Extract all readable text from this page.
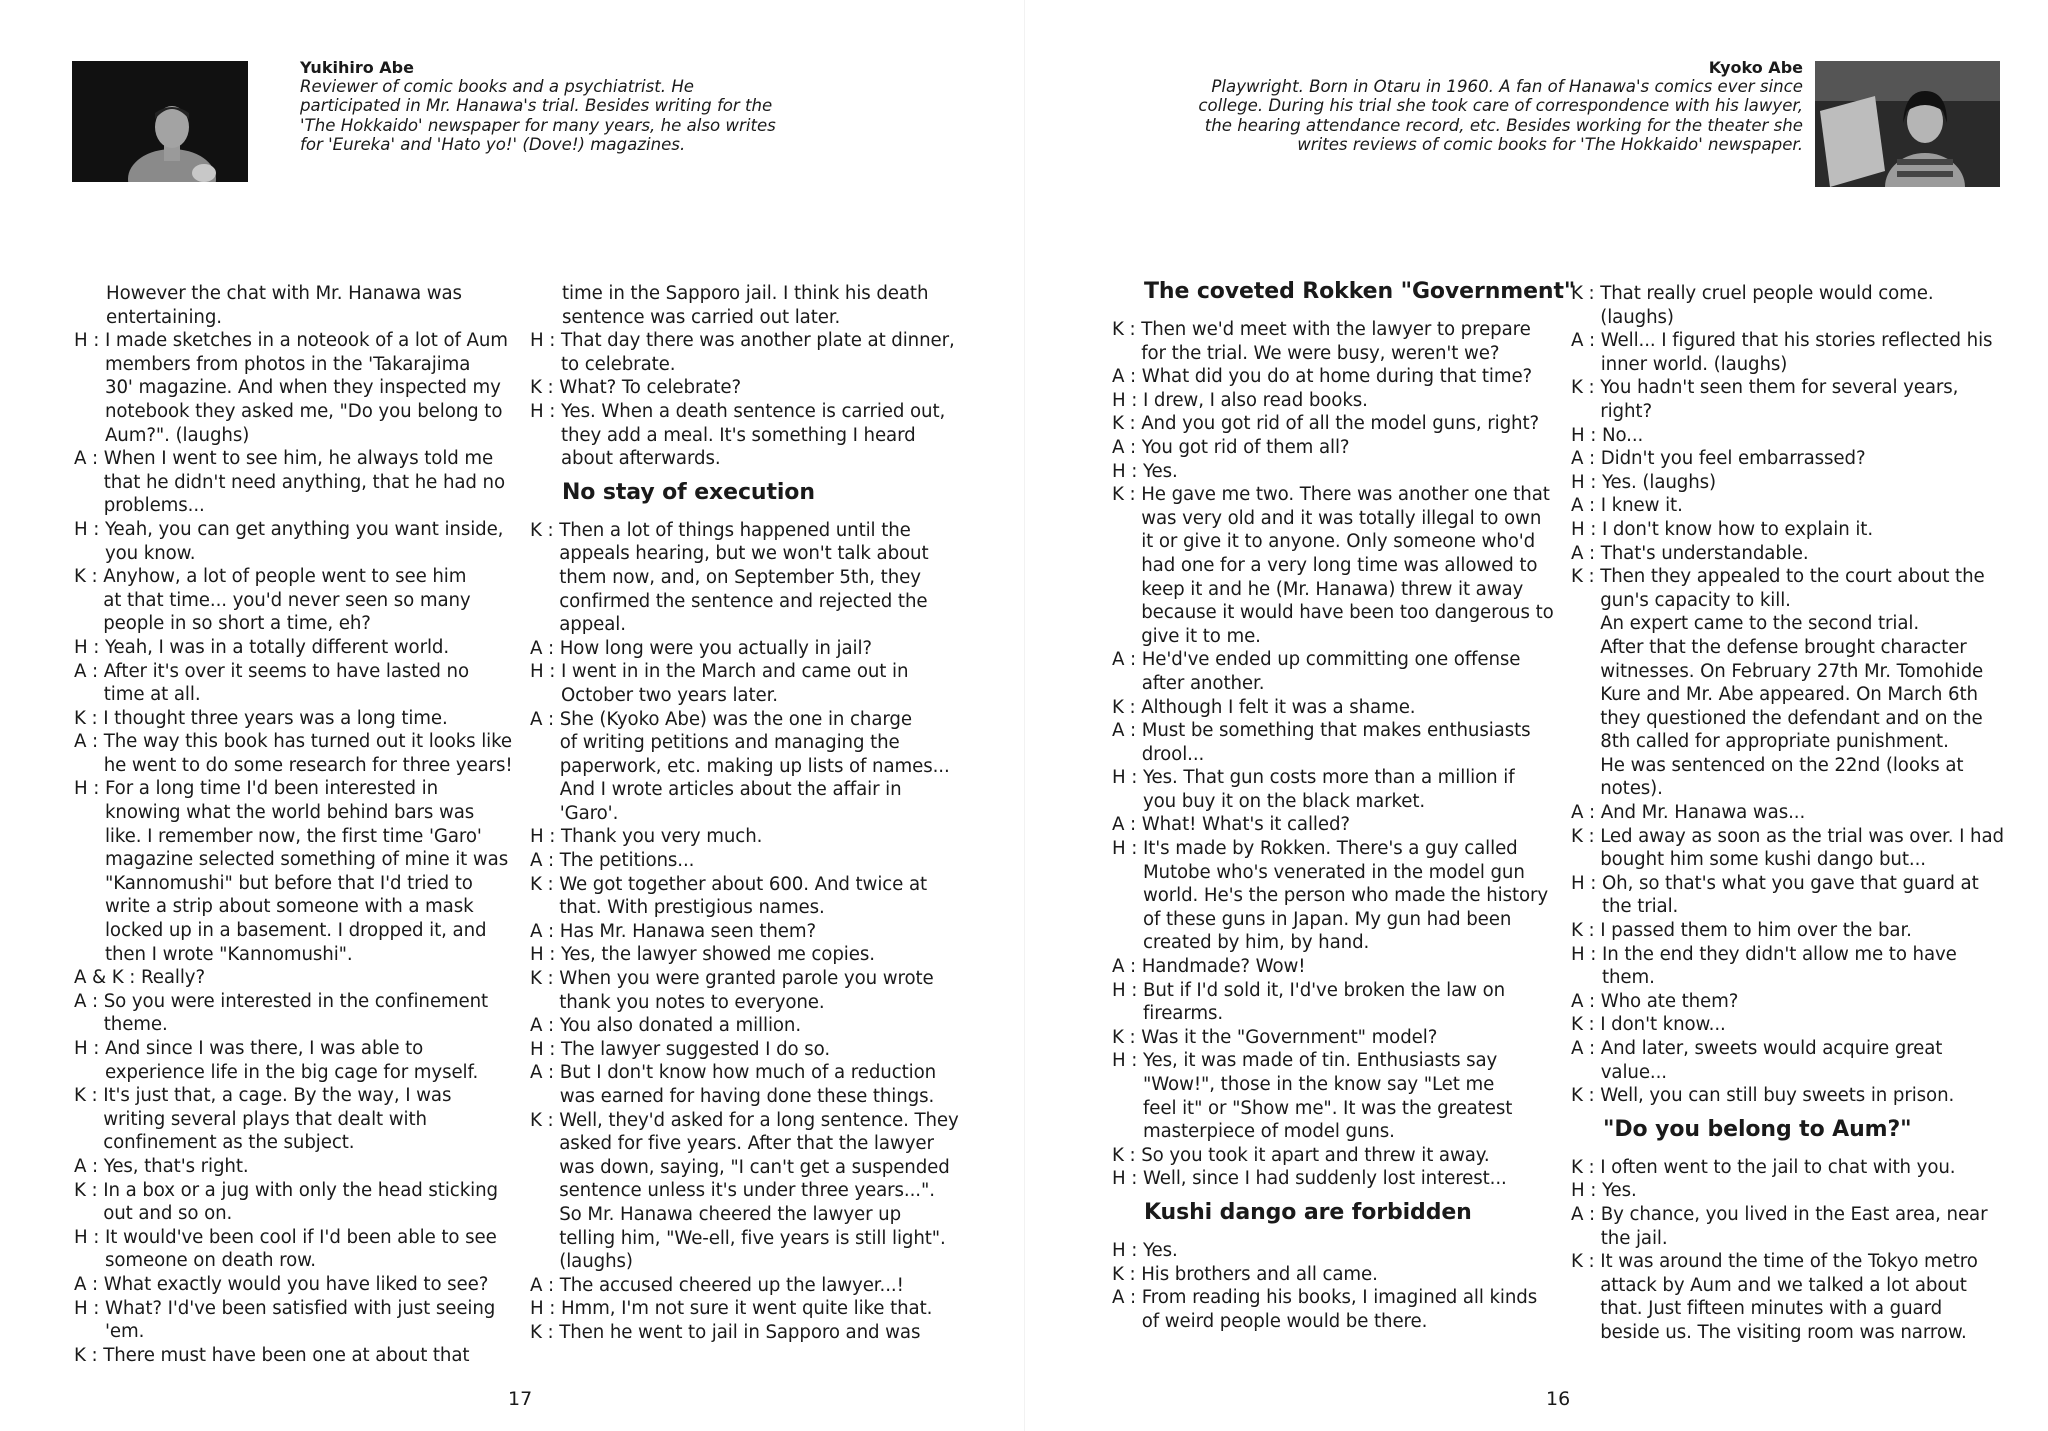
Yukihiro Abe
Reviewer of comic books and a psychiatrist. He
participated in Mr. Hanawa's trial. Besides writing for the
'The Hokkaido' newspaper for many years, he also writes
for 'Eureka' and 'Hato yo!' (Dove!) magazines.
Kyoko Abe
Playwright. Born in Otaru in 1960. A fan of Hanawa's comics ever since
college. During his trial she took care of correspondence with his lawyer,
the hearing attendance record, etc. Besides working for the theater she
writes reviews of comic books for 'The Hokkaido' newspaper.
However the chat with Mr. Hanawa was
entertaining.
H : I made sketches in a noteook of a lot of Aum
members from photos in the 'Takarajima
30' magazine. And when they inspected my
notebook they asked me, "Do you belong to
Aum?". (laughs)
A : When I went to see him, he always told me
that he didn't need anything, that he had no
problems...
H : Yeah, you can get anything you want inside,
you know.
K : Anyhow, a lot of people went to see him
at that time... you'd never seen so many
people in so short a time, eh?
H : Yeah, I was in a totally different world.
A : After it's over it seems to have lasted no
time at all.
K : I thought three years was a long time.
A : The way this book has turned out it looks like
he went to do some research for three years!
H : For a long time I'd been interested in
knowing what the world behind bars was
like. I remember now, the first time 'Garo'
magazine selected something of mine it was
"Kannomushi" but before that I'd tried to
write a strip about someone with a mask
locked up in a basement. I dropped it, and
then I wrote "Kannomushi".
A & K : Really?
A : So you were interested in the confinement
theme.
H : And since I was there, I was able to
experience life in the big cage for myself.
K : It's just that, a cage. By the way, I was
writing several plays that dealt with
confinement as the subject.
A : Yes, that's right.
K : In a box or a jug with only the head sticking
out and so on.
H : It would've been cool if I'd been able to see
someone on death row.
A : What exactly would you have liked to see?
H : What? I'd've been satisfied with just seeing
'em.
K : There must have been one at about that
time in the Sapporo jail. I think his death
sentence was carried out later.
H : That day there was another plate at dinner,
to celebrate.
K : What? To celebrate?
H : Yes. When a death sentence is carried out,
they add a meal. It's something I heard
about afterwards.
No stay of execution
K : Then a lot of things happened until the
appeals hearing, but we won't talk about
them now, and, on September 5th, they
confirmed the sentence and rejected the
appeal.
A : How long were you actually in jail?
H : I went in in the March and came out in
October two years later.
A : She (Kyoko Abe) was the one in charge
of writing petitions and managing the
paperwork, etc. making up lists of names...
And I wrote articles about the affair in
'Garo'.
H : Thank you very much.
A : The petitions...
K : We got together about 600. And twice at
that. With prestigious names.
A : Has Mr. Hanawa seen them?
H : Yes, the lawyer showed me copies.
K : When you were granted parole you wrote
thank you notes to everyone.
A : You also donated a million.
H : The lawyer suggested I do so.
A : But I don't know how much of a reduction
was earned for having done these things.
K : Well, they'd asked for a long sentence. They
asked for five years. After that the lawyer
was down, saying, "I can't get a suspended
sentence unless it's under three years...".
So Mr. Hanawa cheered the lawyer up
telling him, "We-ell, five years is still light".
(laughs)
A : The accused cheered up the lawyer...!
H : Hmm, I'm not sure it went quite like that.
K : Then he went to jail in Sapporo and was
The coveted Rokken "Government"
K : Then we'd meet with the lawyer to prepare
for the trial. We were busy, weren't we?
A : What did you do at home during that time?
H : I drew, I also read books.
K : And you got rid of all the model guns, right?
A : You got rid of them all?
H : Yes.
K : He gave me two. There was another one that
was very old and it was totally illegal to own
it or give it to anyone. Only someone who'd
had one for a very long time was allowed to
keep it and he (Mr. Hanawa) threw it away
because it would have been too dangerous to
give it to me.
A : He'd've ended up committing one offense
after another.
K : Although I felt it was a shame.
A : Must be something that makes enthusiasts
drool...
H : Yes. That gun costs more than a million if
you buy it on the black market.
A : What! What's it called?
H : It's made by Rokken. There's a guy called
Mutobe who's venerated in the model gun
world. He's the person who made the history
of these guns in Japan. My gun had been
created by him, by hand.
A : Handmade? Wow!
H : But if I'd sold it, I'd've broken the law on
firearms.
K : Was it the "Government" model?
H : Yes, it was made of tin. Enthusiasts say
"Wow!", those in the know say "Let me
feel it" or "Show me". It was the greatest
masterpiece of model guns.
K : So you took it apart and threw it away.
H : Well, since I had suddenly lost interest...
Kushi dango are forbidden
H : Yes.
K : His brothers and all came.
A : From reading his books, I imagined all kinds
of weird people would be there.
K : That really cruel people would come.
(laughs)
A : Well... I figured that his stories reflected his
inner world. (laughs)
K : You hadn't seen them for several years,
right?
H : No...
A : Didn't you feel embarrassed?
H : Yes. (laughs)
A : I knew it.
H : I don't know how to explain it.
A : That's understandable.
K : Then they appealed to the court about the
gun's capacity to kill.
An expert came to the second trial.
After that the defense brought character
witnesses. On February 27th Mr. Tomohide
Kure and Mr. Abe appeared. On March 6th
they questioned the defendant and on the
8th called for appropriate punishment.
He was sentenced on the 22nd (looks at
notes).
A : And Mr. Hanawa was...
K : Led away as soon as the trial was over. I had
bought him some kushi dango but...
H : Oh, so that's what you gave that guard at
the trial.
K : I passed them to him over the bar.
H : In the end they didn't allow me to have
them.
A : Who ate them?
K : I don't know...
A : And later, sweets would acquire great
value...
K : Well, you can still buy sweets in prison.
"Do you belong to Aum?"
K : I often went to the jail to chat with you.
H : Yes.
A : By chance, you lived in the East area, near
the jail.
K : It was around the time of the Tokyo metro
attack by Aum and we talked a lot about
that. Just fifteen minutes with a guard
beside us. The visiting room was narrow.
17	16
